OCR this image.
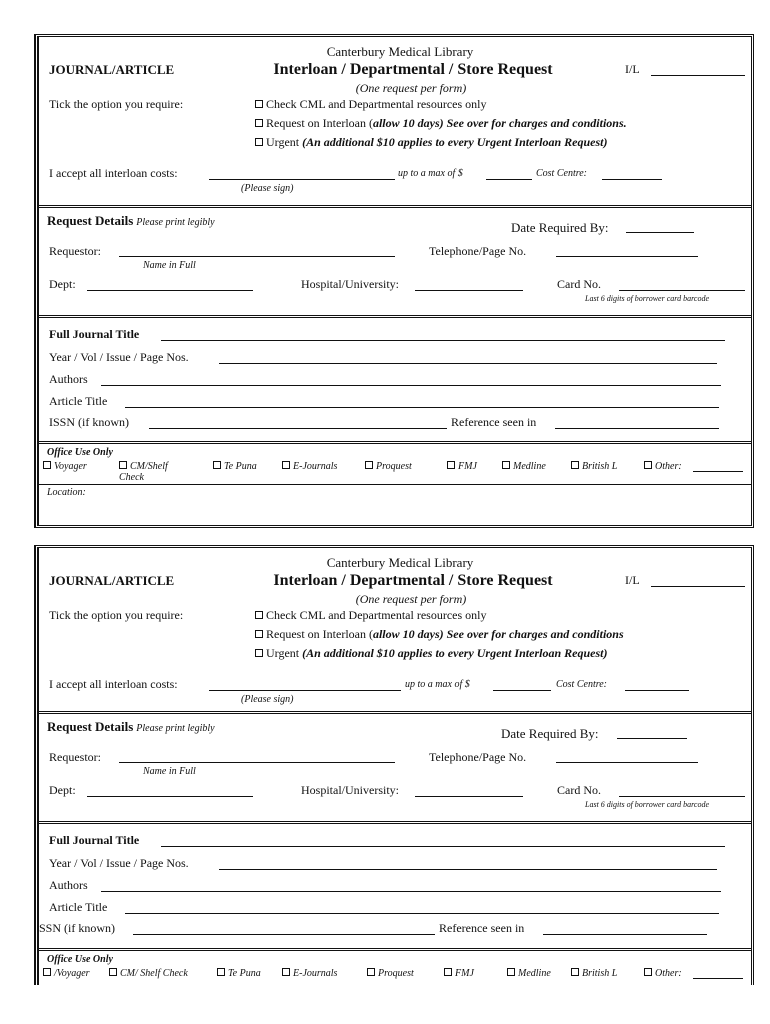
Canterbury Medical Library
JOURNAL/ARTICLE	Interloan / Departmental / Store Request	I/L
(One request per form)
Tick the option you require:	Check CML and Departmental resources only
Request on Interloan (allow 10 days) See over for charges and conditions.
Urgent (An additional $10 applies to every Urgent Interloan Request)
I accept all interloan costs:	up to a max of $	Cost Centre:
(Please sign)
Request Details Please print legibly	Date Required By:
Requestor:
Name in Full
Telephone/Page No.
Dept:	Hospital/University:	Card No.
Last 6 digits of borrower card barcode
Full Journal Title
Year / Vol / Issue / Page Nos.
Authors
Article Title
ISSN (if known)	Reference seen in
Office Use Only
Voyager	CM/Shelf
Check
Te Puna	E-Journals	Proquest	FMJ	Medline	British L	Other:
Location:
Canterbury Medical Library
JOURNAL/ARTICLE	Interloan / Departmental / Store Request	I/L
(One request per form)
Tick the option you require:	Check CML and Departmental resources only
Request on Interloan (allow 10 days) See over for charges and conditions
Urgent (An additional $10 applies to every Urgent Interloan Request)
I accept all interloan costs:	up to a max of $	Cost Centre:
(Please sign)
Request Details Please print legibly	Date Required By:
Requestor:
Name in Full
Telephone/Page No.
Dept:	Hospital/University:	Card No.
Last 6 digits of borrower card barcode
Full Journal Title
Year / Vol / Issue / Page Nos.
Authors
Article Title
SSN (if known)	Reference seen in
Office Use Only
/Voyager	CM/ Shelf Check	Te Puna	E-Journals	Proquest	FMJ	Medline	British L	Other:
